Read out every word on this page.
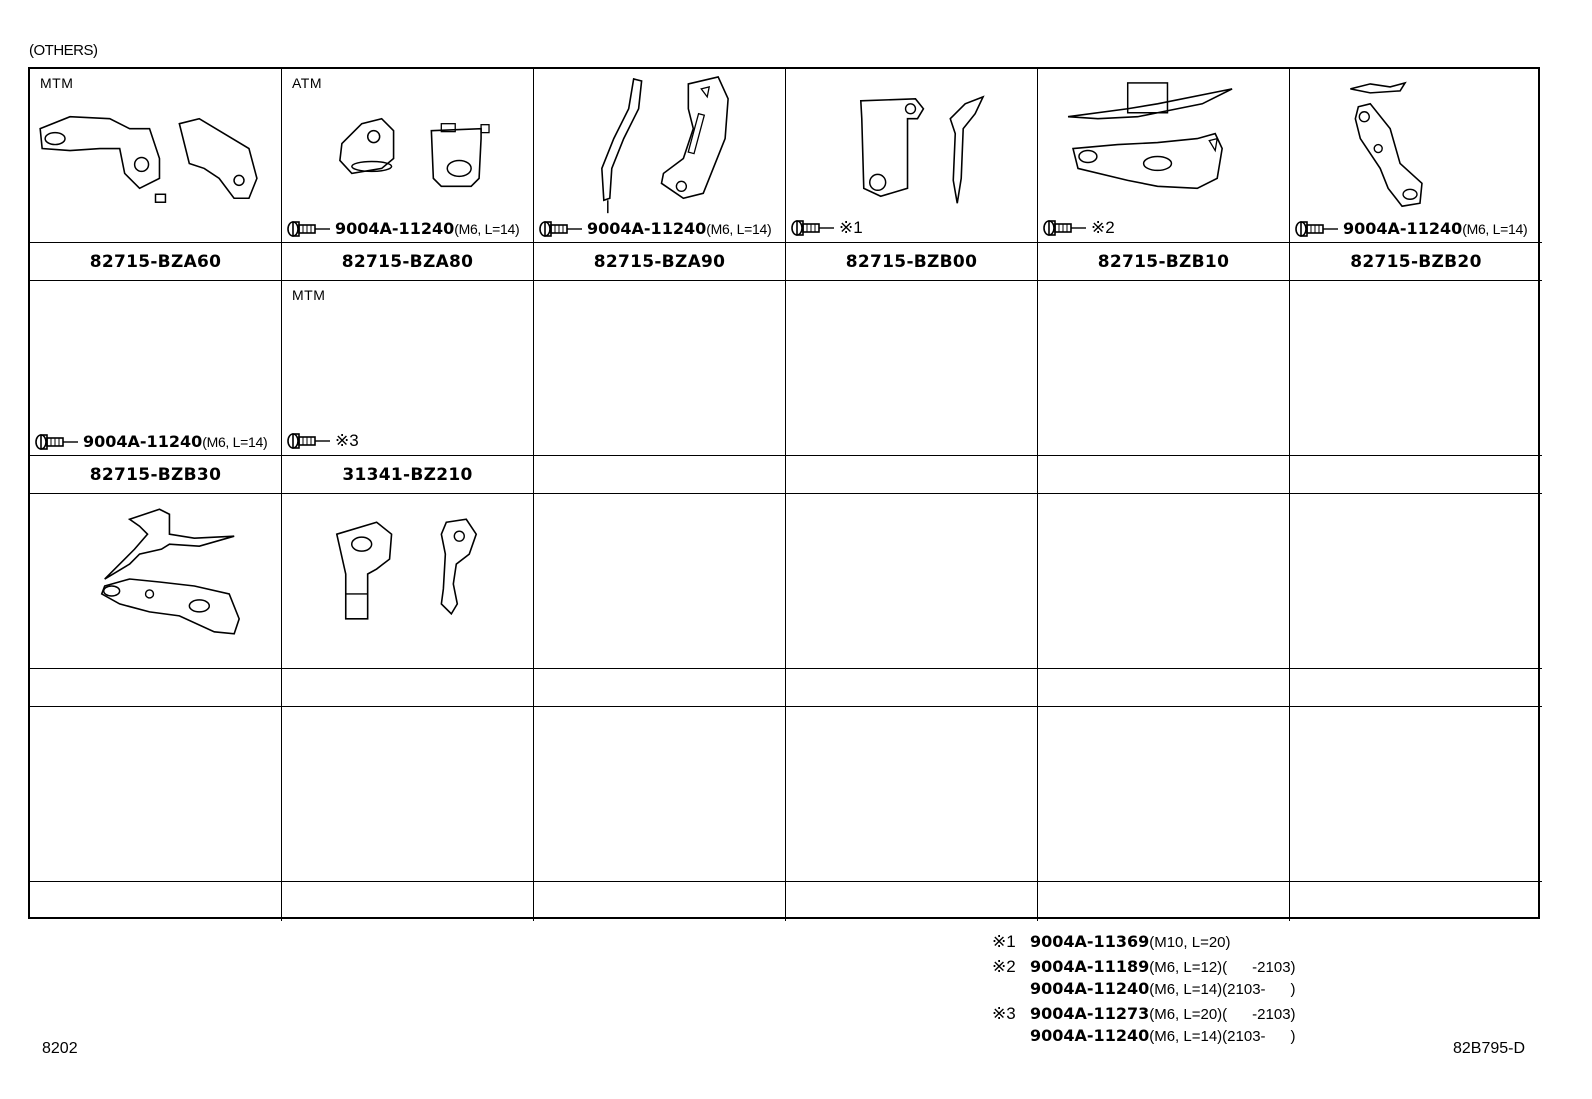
(OTHERS)
MTM
82715-BZA60
ATM
9004A-11240 (M6, L=14)
82715-BZA80
9004A-11240 (M6, L=14)
82715-BZA90
※1
82715-BZB00
※2
82715-BZB10
9004A-11240 (M6, L=14)
82715-BZB20
9004A-11240 (M6, L=14)
82715-BZB30
MTM
※3
31341-BZ210
※1 9004A-11369 (M10, L=20)
※2 9004A-11189 (M6, L=12)(      -2103)
9004A-11240 (M6, L=14)(2103-      )
※3 9004A-11273 (M6, L=20)(      -2103)
9004A-11240 (M6, L=14)(2103-      )
8202	82B795-D
